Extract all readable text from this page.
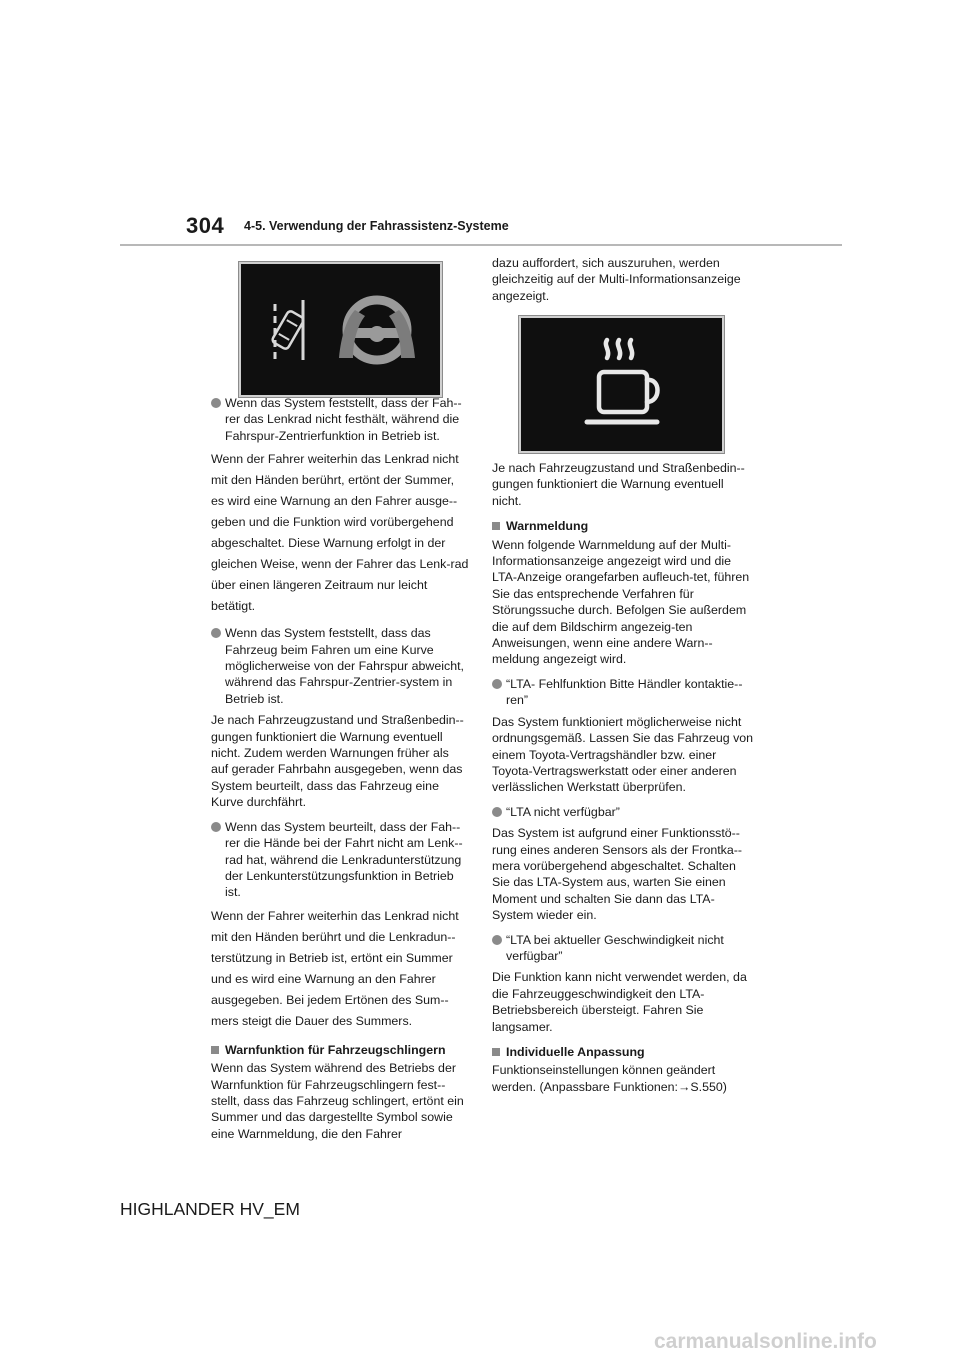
304 4-5. Verwendung der Fahrassistenz-Systeme
Wenn das System feststellt, dass der Fah-rer das Lenkrad nicht festhält, während die Fahrspur-Zentrierfunktion in Betrieb ist.

Wenn der Fahrer weiterhin das Lenkrad nicht mit den Händen berührt, ertönt der Summer, es wird eine Warnung an den Fahrer ausge-geben und die Funktion wird vorübergehend abgeschaltet. Diese Warnung erfolgt in der gleichen Weise, wenn der Fahrer das Lenk-rad über einen längeren Zeitraum nur leicht betätigt.

Wenn das System feststellt, dass das Fahrzeug beim Fahren um eine Kurve möglicherweise von der Fahrspur abweicht, während das Fahrspur-Zentrier-system in Betrieb ist.

Je nach Fahrzeugzustand und Straßenbedin-gungen funktioniert die Warnung eventuell nicht. Zudem werden Warnungen früher als auf gerader Fahrbahn ausgegeben, wenn das System beurteilt, dass das Fahrzeug eine Kurve durchfährt.

Wenn das System beurteilt, dass der Fah-rer die Hände bei der Fahrt nicht am Lenk-rad hat, während die Lenkradunterstützung der Lenkunterstützungsfunktion in Betrieb ist.

Wenn der Fahrer weiterhin das Lenkrad nicht mit den Händen berührt und die Lenkradun-terstützung in Betrieb ist, ertönt ein Summer und es wird eine Warnung an den Fahrer ausgegeben. Bei jedem Ertönen des Sum-mers steigt die Dauer des Summers.

Warnfunktion für Fahrzeugschlingern

Wenn das System während des Betriebs der Warnfunktion für Fahrzeugschlingern fest-stellt, dass das Fahrzeug schlingert, ertönt ein Summer und das dargestellte Symbol sowie eine Warnmeldung, die den Fahrer

dazu auffordert, sich auszuruhen, werden gleichzeitig auf der Multi-Informationsanzeige angezeigt.

Je nach Fahrzeugzustand und Straßenbedin-gungen funktioniert die Warnung eventuell nicht.

Warnmeldung

Wenn folgende Warnmeldung auf der Multi-Informationsanzeige angezeigt wird und die LTA-Anzeige orangefarben aufleuch-tet, führen Sie das entsprechende Verfahren für Störungssuche durch. Befolgen Sie außerdem die auf dem Bildschirm angezeig-ten Anweisungen, wenn eine andere Warn-meldung angezeigt wird.

“LTA- Fehlfunktion Bitte Händler kontaktie-ren”

Das System funktioniert möglicherweise nicht ordnungsgemäß. Lassen Sie das Fahrzeug von einem Toyota-Vertragshändler bzw. einer Toyota-Vertragswerkstatt oder einer anderen verlässlichen Werkstatt überprüfen.

“LTA nicht verfügbar”

Das System ist aufgrund einer Funktionsstö-rung eines anderen Sensors als der Frontka-mera vorübergehend abgeschaltet. Schalten Sie das LTA-System aus, warten Sie einen Moment und schalten Sie dann das LTA-System wieder ein.

“LTA bei aktueller Geschwindigkeit nicht verfügbar”

Die Funktion kann nicht verwendet werden, da die Fahrzeuggeschwindigkeit den LTA-Betriebsbereich übersteigt. Fahren Sie langsamer.

Individuelle Anpassung

Funktionseinstellungen können geändert werden. (Anpassbare Funktionen:→S.550)

HIGHLANDER HV_EM
carmanualsonline.info
